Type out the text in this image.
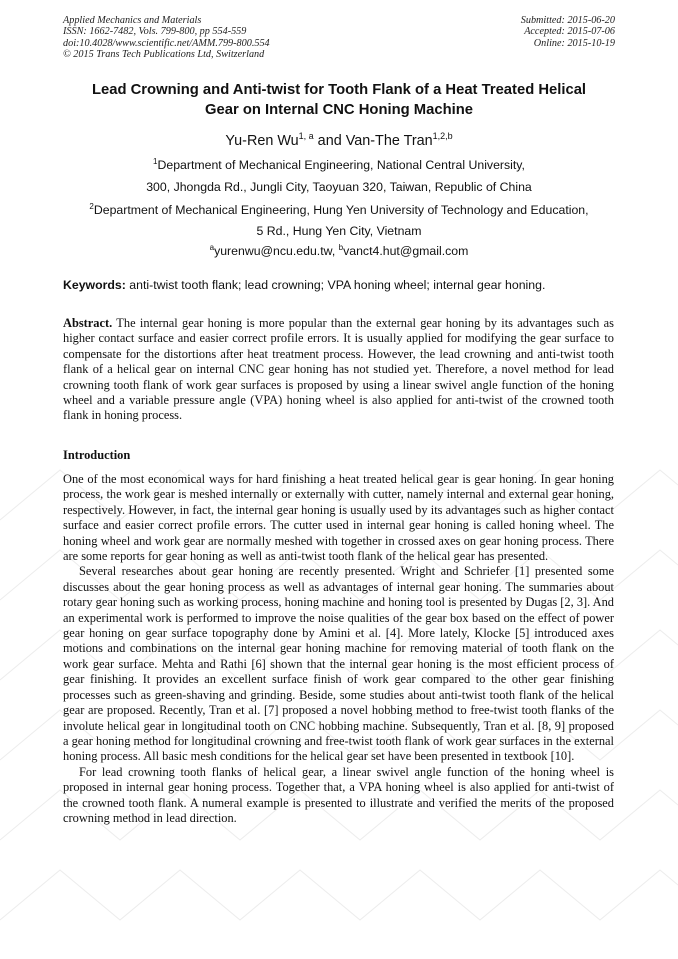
Applied Mechanics and Materials
ISSN: 1662-7482, Vols. 799-800, pp 554-559
doi:10.4028/www.scientific.net/AMM.799-800.554
© 2015 Trans Tech Publications Ltd, Switzerland
Submitted: 2015-06-20
Accepted: 2015-07-06
Online: 2015-10-19
Lead Crowning and Anti-twist for Tooth Flank of a Heat Treated Helical
Gear on Internal CNC Honing Machine
Yu-Ren Wu$^{1, a}$ and Van-The Tran$^{1,2,b}$
$^1$Department of Mechanical Engineering, National Central University,
300, Jhongda Rd., Jungli City, Taoyuan 320, Taiwan, Republic of China
$^2$Department of Mechanical Engineering, Hung Yen University of Technology and Education,
5 Rd., Hung Yen City, Vietnam
$^a$yurenwu@ncu.edu.tw, $^b$vanct4.hut@gmail.com
Keywords: anti-twist tooth flank; lead crowning; VPA honing wheel; internal gear honing.

Abstract. The internal gear honing is more popular than the external gear honing by its advantages such as higher contact surface and easier correct profile errors. It is usually applied for modifying the gear surface to compensate for the distortions after heat treatment process. However, the lead crowning and anti-twist tooth flank of a helical gear on internal CNC gear honing has not studied yet. Therefore, a novel method for lead crowning tooth flank of work gear surfaces is proposed by using a linear swivel angle function of the honing wheel and a variable pressure angle (VPA) honing wheel is also applied for anti-twist of the crowned tooth flank in honing process.

Introduction

One of the most economical ways for hard finishing a heat treated helical gear is gear honing. In gear honing process, the work gear is meshed internally or externally with cutter, namely internal and external gear honing, respectively. However, in fact, the internal gear honing is usually used by its advantages such as higher contact surface and easier correct profile errors. The cutter used in internal gear honing is called honing wheel. The honing wheel and work gear are normally meshed with together in crossed axes on gear honing process. There are some reports for gear honing as well as anti-twist tooth flank of the helical gear has presented.

Several researches about gear honing are recently presented. Wright and Schriefer [1] presented some discusses about the gear honing process as well as advantages of internal gear honing. The summaries about rotary gear honing such as working process, honing machine and honing tool is presented by Dugas [2, 3]. And an experimental work is performed to improve the noise qualities of the gear box based on the effect of power gear honing on gear surface topography done by Amini et al. [4]. More lately, Klocke [5] introduced axes motions and combinations on the internal gear honing machine for removing material of tooth flank on the work gear surface. Mehta and Rathi [6] shown that the internal gear honing is the most efficient process of gear finishing. It provides an excellent surface finish of work gear compared to the other gear finishing processes such as green-shaving and grinding. Beside, some studies about anti-twist tooth flank of the helical gear are proposed. Recently, Tran et al. [7] proposed a novel hobbing method to free-twist tooth flanks of the involute helical gear in longitudinal tooth on CNC hobbing machine. Subsequently, Tran et al. [8, 9] proposed a gear honing method for longitudinal crowning and free-twist tooth flank of work gear surfaces in the external honing process. All basic mesh conditions for the helical gear set have been presented in textbook [10].

For lead crowning tooth flanks of helical gear, a linear swivel angle function of the honing wheel is proposed in internal gear honing process. Together that, a VPA honing wheel is also applied for anti-twist of the crowned tooth flank. A numeral example is presented to illustrate and verified the merits of the proposed crowning method in lead direction.
